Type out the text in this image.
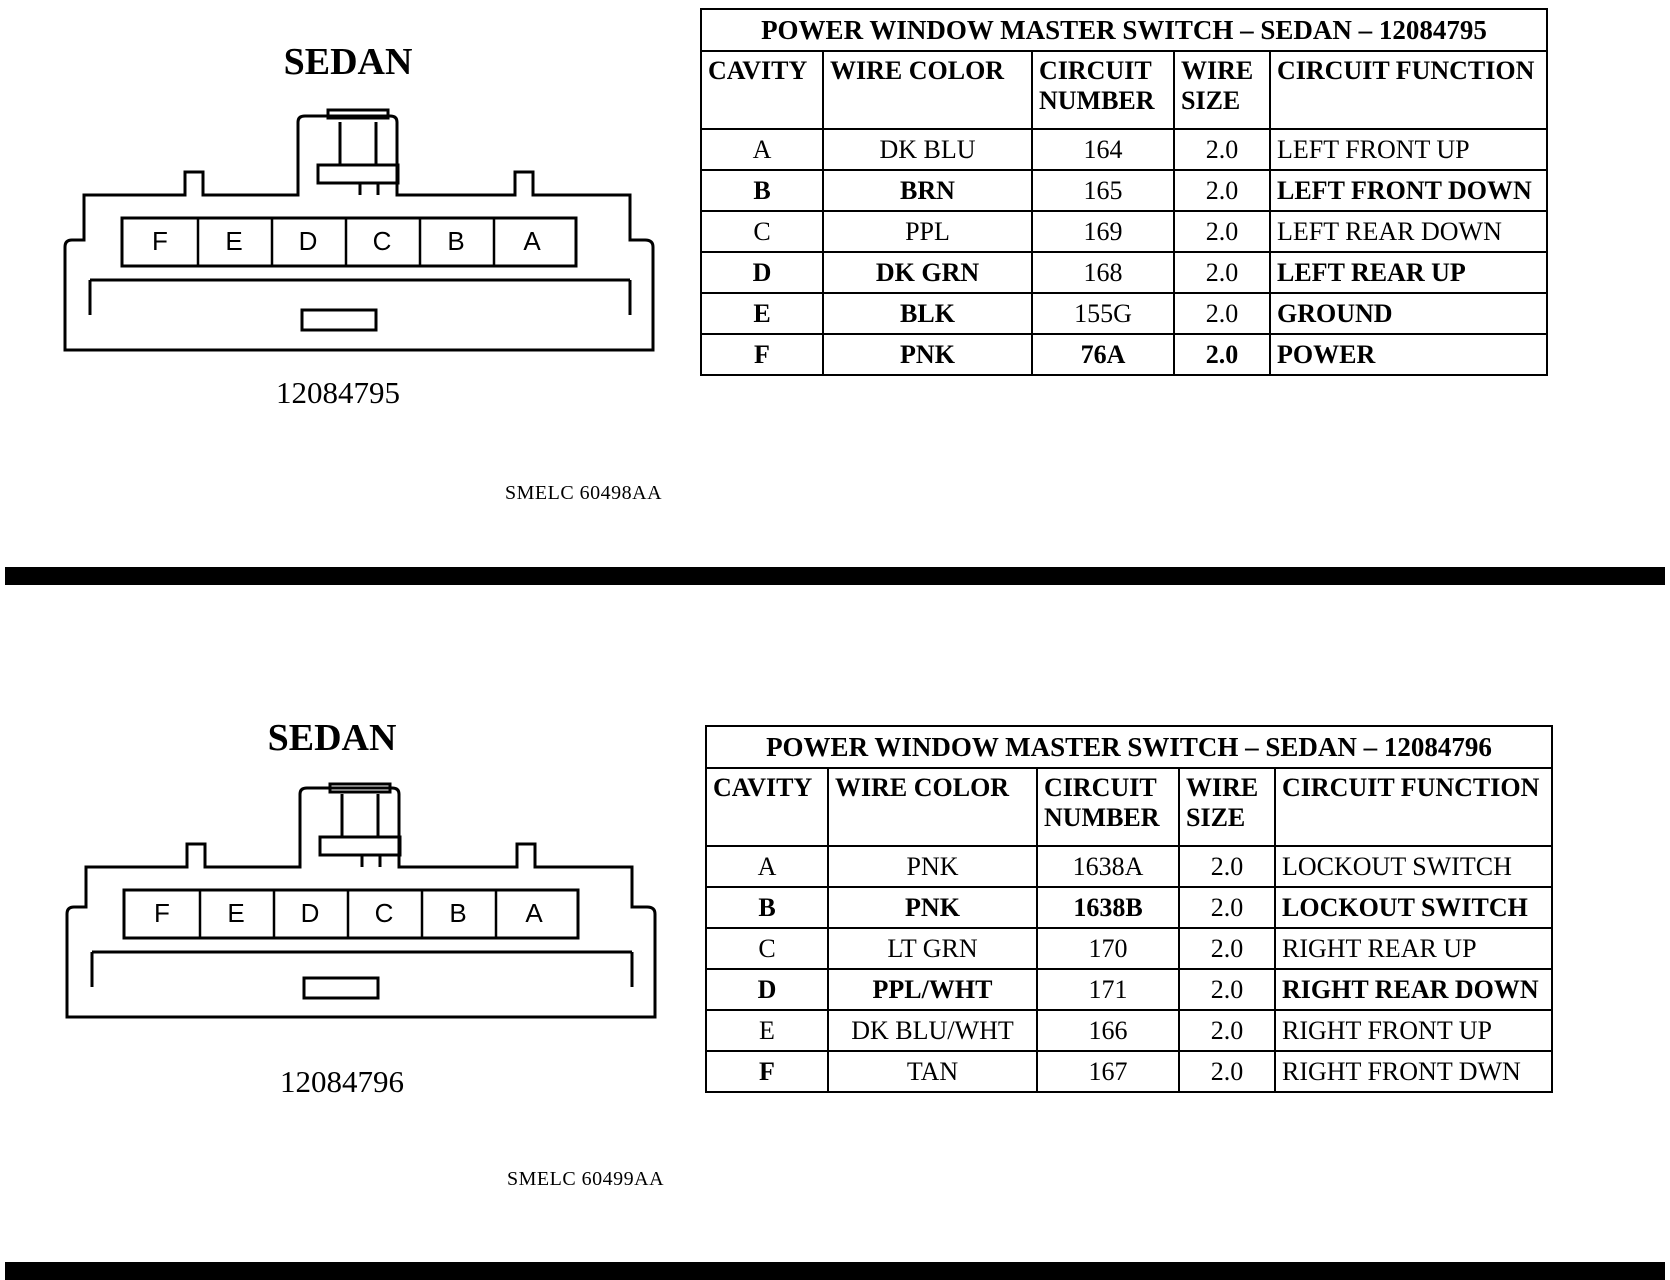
SEDAN
F E D C B A
12084795
SMELC 60498AA
POWER WINDOW MASTER SWITCH – SEDAN – 12084795				
CAVITY	WIRE COLOR	CIRCUIT NUMBER	WIRE SIZE	CIRCUIT FUNCTION
A	DK BLU	164	2.0	LEFT FRONT UP
B	BRN	165	2.0	LEFT FRONT DOWN
C	PPL	169	2.0	LEFT REAR DOWN
D	DK GRN	168	2.0	LEFT REAR UP
E	BLK	155G	2.0	GROUND
F	PNK	76A	2.0	POWER
SEDAN
F E D C B A
12084796
SMELC 60499AA
POWER WINDOW MASTER SWITCH – SEDAN – 12084796				
CAVITY	WIRE COLOR	CIRCUIT NUMBER	WIRE SIZE	CIRCUIT FUNCTION
A	PNK	1638A	2.0	LOCKOUT SWITCH
B	PNK	1638B	2.0	LOCKOUT SWITCH
C	LT GRN	170	2.0	RIGHT REAR UP
D	PPL/WHT	171	2.0	RIGHT REAR DOWN
E	DK BLU/WHT	166	2.0	RIGHT FRONT UP
F	TAN	167	2.0	RIGHT FRONT DWN
